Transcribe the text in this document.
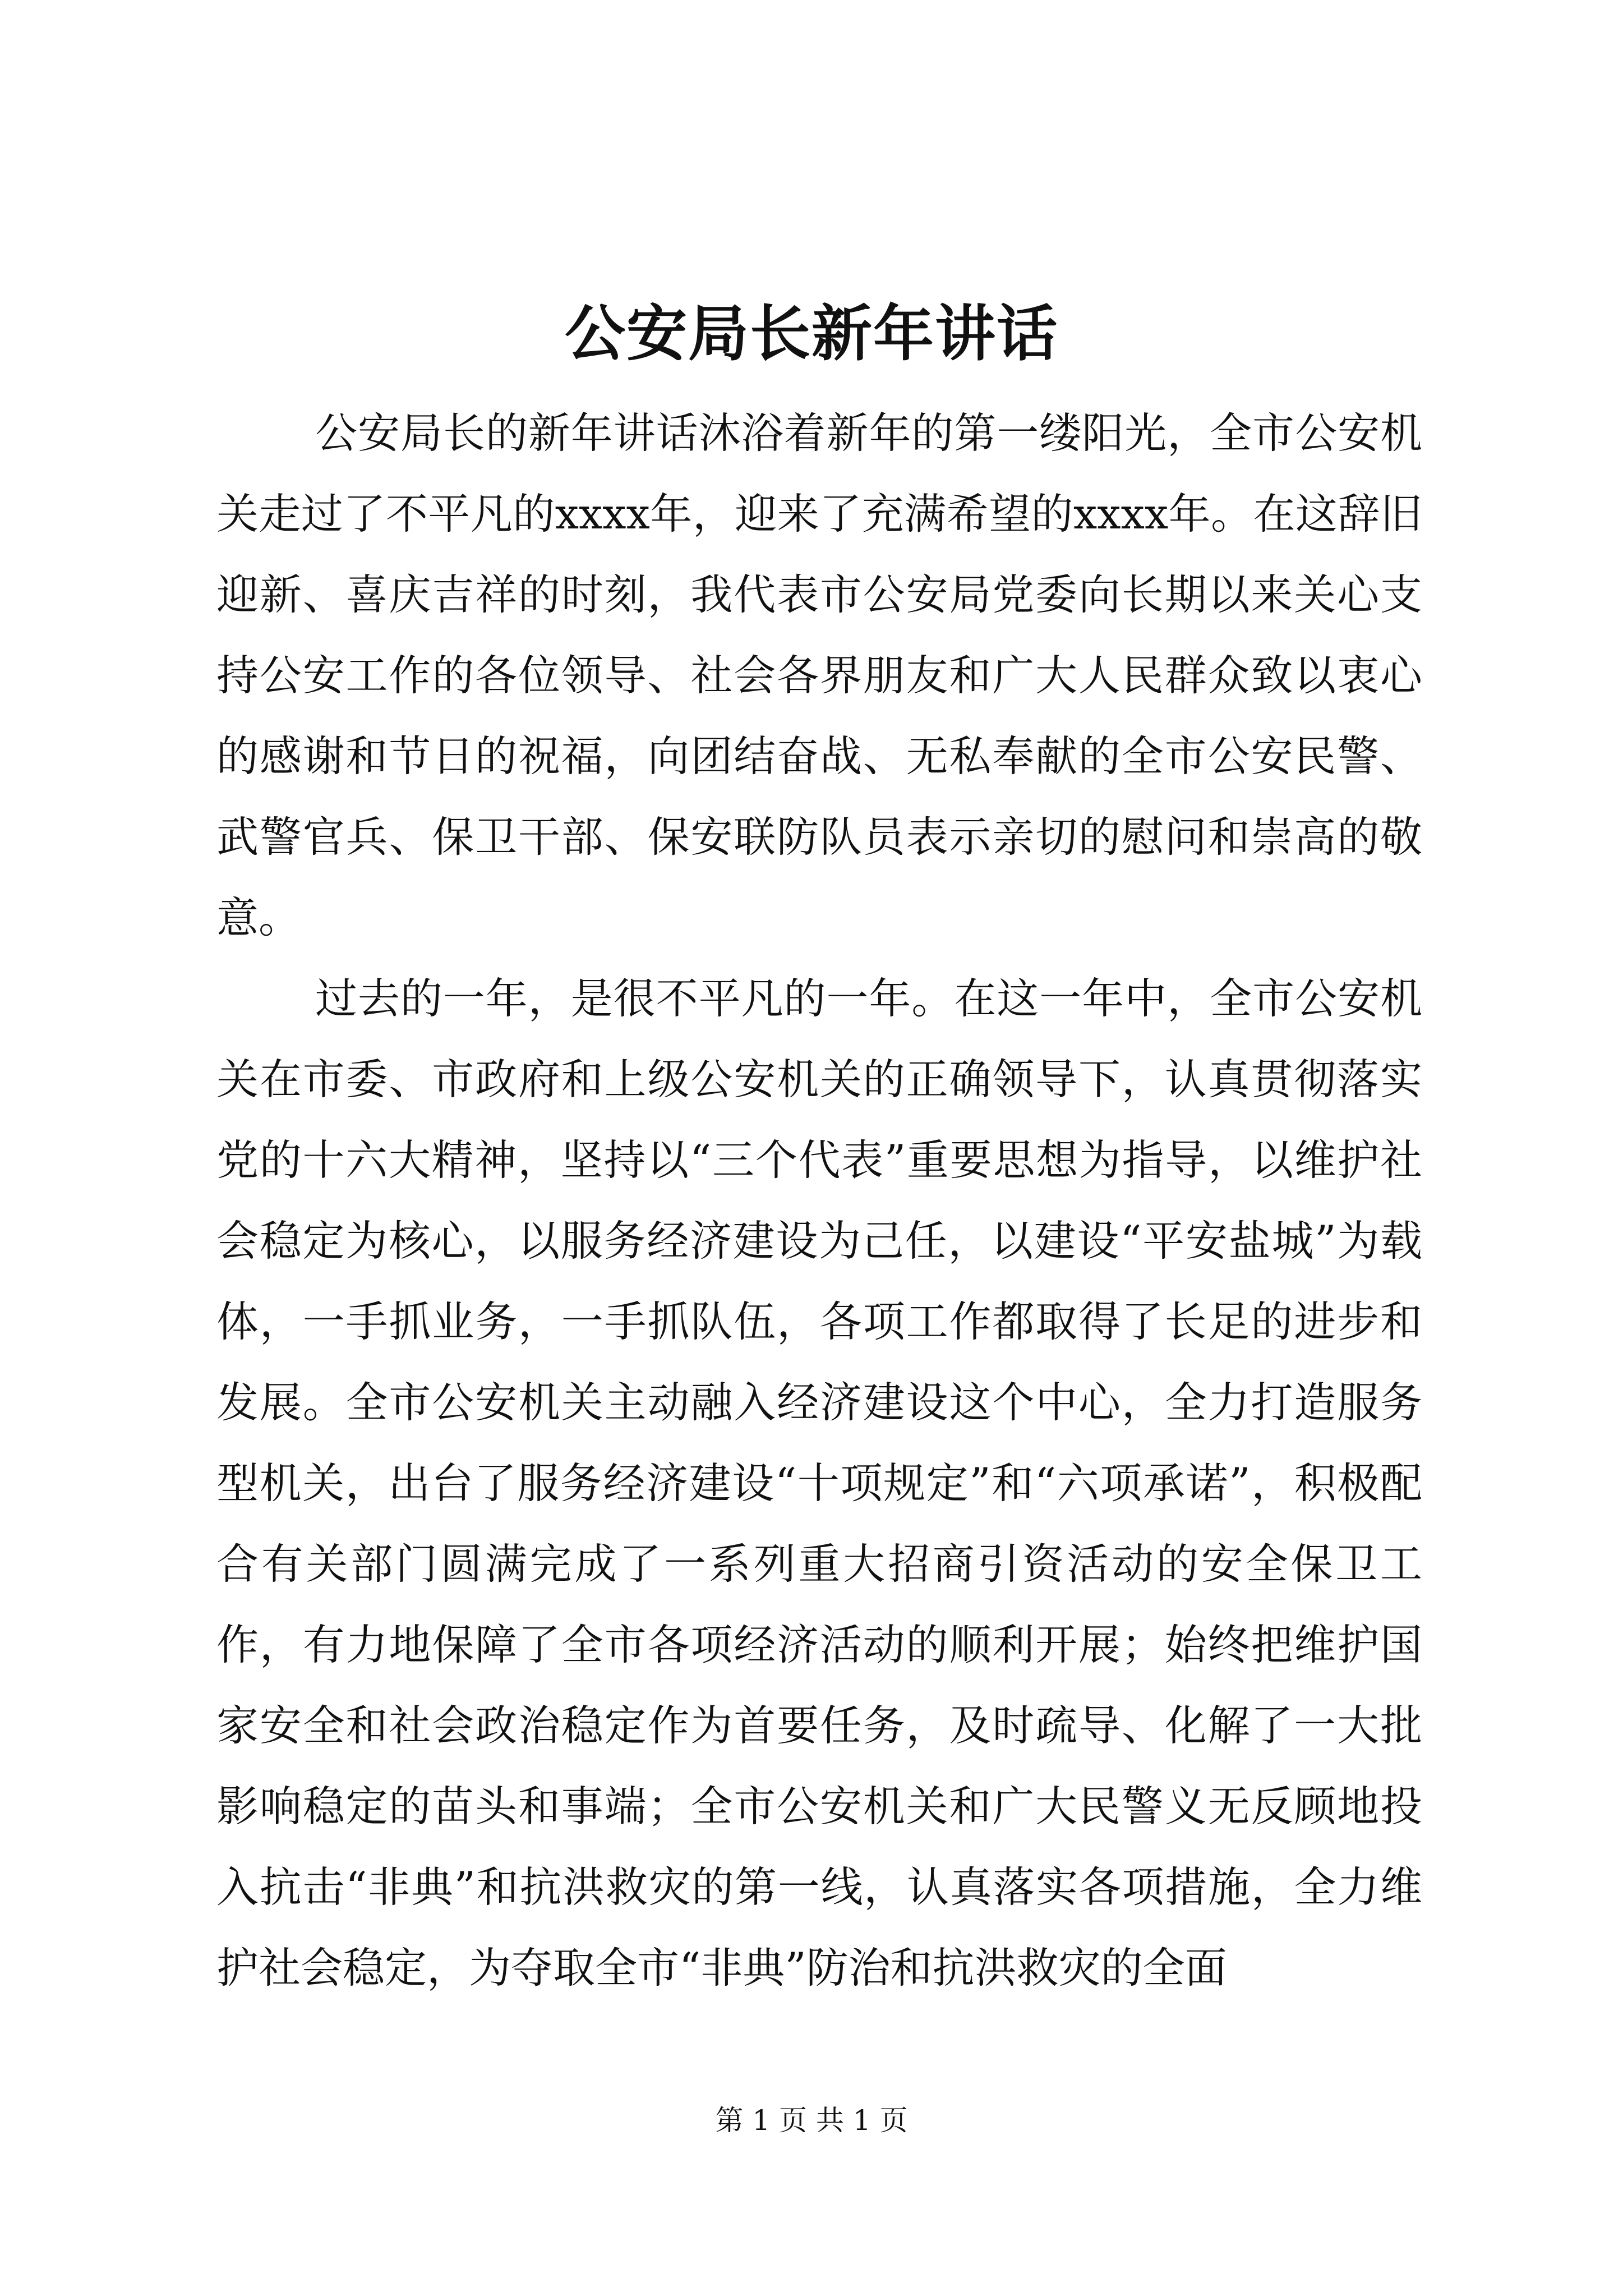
公安局长新年讲话

公安局长的新年讲话沐浴着新年的第一缕阳光，全市公安机关走过了不平凡的xxxx年，迎来了充满希望的xxxx年。在这辞旧迎新、喜庆吉祥的时刻，我代表市公安局党委向长期以来关心支持公安工作的各位领导、社会各界朋友和广大人民群众致以衷心的感谢和节日的祝福，向团结奋战、无私奉献的全市公安民警、武警官兵、保卫干部、保安联防队员表示亲切的慰问和崇高的敬意。

过去的一年，是很不平凡的一年。在这一年中，全市公安机关在市委、市政府和上级公安机关的正确领导下，认真贯彻落实党的十六大精神，坚持以“三个代表”重要思想为指导，以维护社会稳定为核心，以服务经济建设为己任，以建设“平安盐城”为载体，一手抓业务，一手抓队伍，各项工作都取得了长足的进步和发展。全市公安机关主动融入经济建设这个中心，全力打造服务型机关，出台了服务经济建设“十项规定”和“六项承诺”，积极配合有关部门圆满完成了一系列重大招商引资活动的安全保卫工作，有力地保障了全市各项经济活动的顺利开展；始终把维护国家安全和社会政治稳定作为首要任务，及时疏导、化解了一大批影响稳定的苗头和事端；全市公安机关和广大民警义无反顾地投入抗击“非典”和抗洪救灾的第一线，认真落实各项措施，全力维护社会稳定，为夺取全市“非典”防治和抗洪救灾的全面

第 1 页 共 1 页
